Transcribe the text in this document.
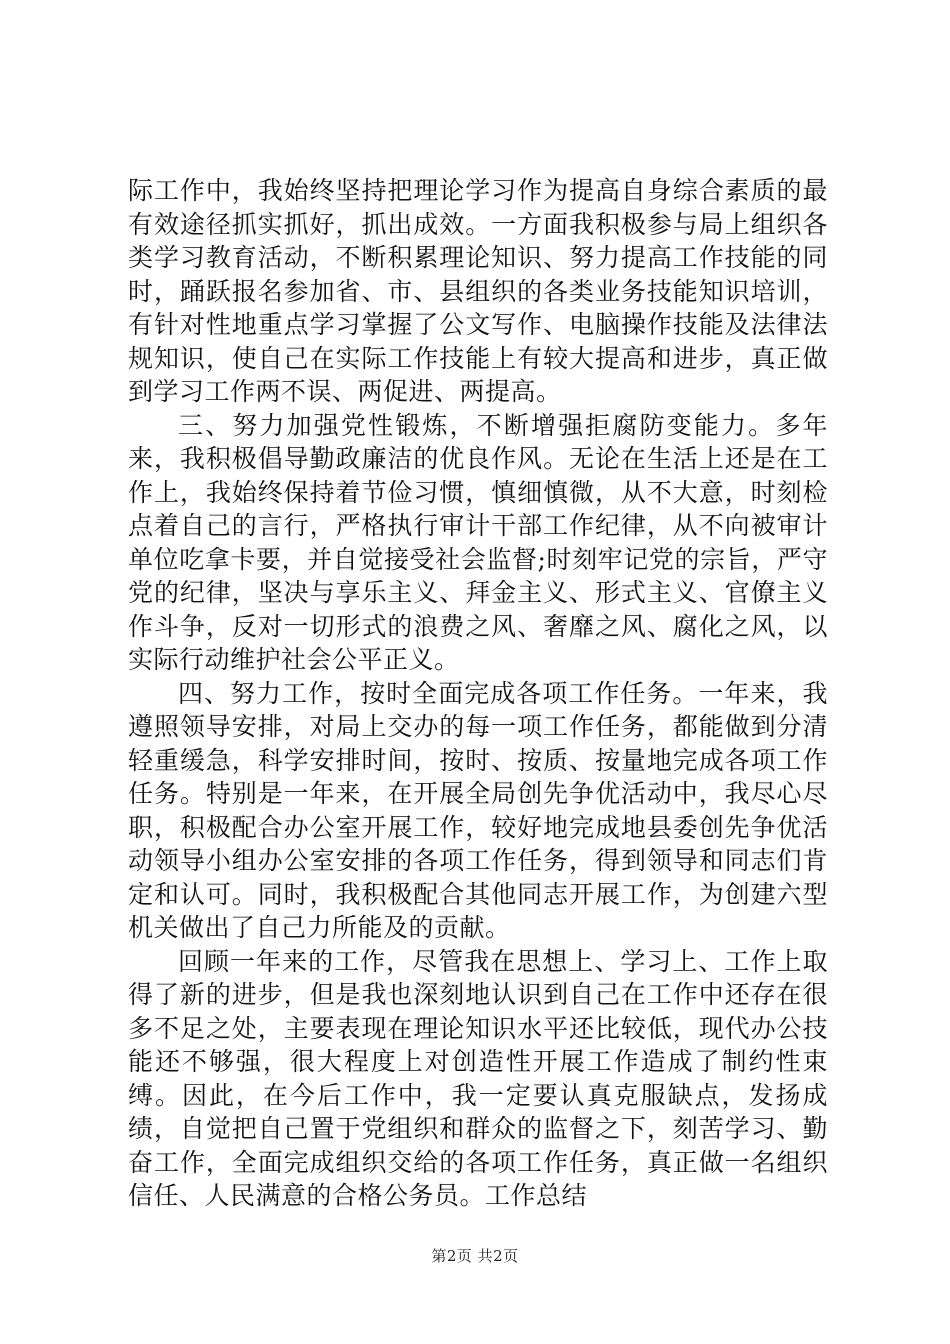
际工作中，我始终坚持把理论学习作为提高自身综合素质的最有效途径抓实抓好，抓出成效。一方面我积极参与局上组织各类学习教育活动，不断积累理论知识、努力提高工作技能的同时，踊跃报名参加省、市、县组织的各类业务技能知识培训，有针对性地重点学习掌握了公文写作、电脑操作技能及法律法规知识，使自己在实际工作技能上有较大提高和进步，真正做到学习工作两不误、两促进、两提高。

三、努力加强党性锻炼，不断增强拒腐防变能力。多年来，我积极倡导勤政廉洁的优良作风。无论在生活上还是在工作上，我始终保持着节俭习惯，慎细慎微，从不大意，时刻检点着自己的言行，严格执行审计干部工作纪律，从不向被审计单位吃拿卡要，并自觉接受社会监督;时刻牢记党的宗旨，严守党的纪律，坚决与享乐主义、拜金主义、形式主义、官僚主义作斗争，反对一切形式的浪费之风、奢靡之风、腐化之风，以实际行动维护社会公平正义。

四、努力工作，按时全面完成各项工作任务。一年来，我遵照领导安排，对局上交办的每一项工作任务，都能做到分清轻重缓急，科学安排时间，按时、按质、按量地完成各项工作任务。特别是一年来，在开展全局创先争优活动中，我尽心尽职，积极配合办公室开展工作，较好地完成地县委创先争优活动领导小组办公室安排的各项工作任务，得到领导和同志们肯定和认可。同时，我积极配合其他同志开展工作，为创建六型机关做出了自己力所能及的贡献。

回顾一年来的工作，尽管我在思想上、学习上、工作上取得了新的进步，但是我也深刻地认识到自己在工作中还存在很多不足之处，主要表现在理论知识水平还比较低，现代办公技能还不够强，很大程度上对创造性开展工作造成了制约性束缚。因此，在今后工作中，我一定要认真克服缺点，发扬成绩，自觉把自己置于党组织和群众的监督之下，刻苦学习、勤奋工作，全面完成组织交给的各项工作任务，真正做一名组织信任、人民满意的合格公务员。工作总结

第2页 共2页
